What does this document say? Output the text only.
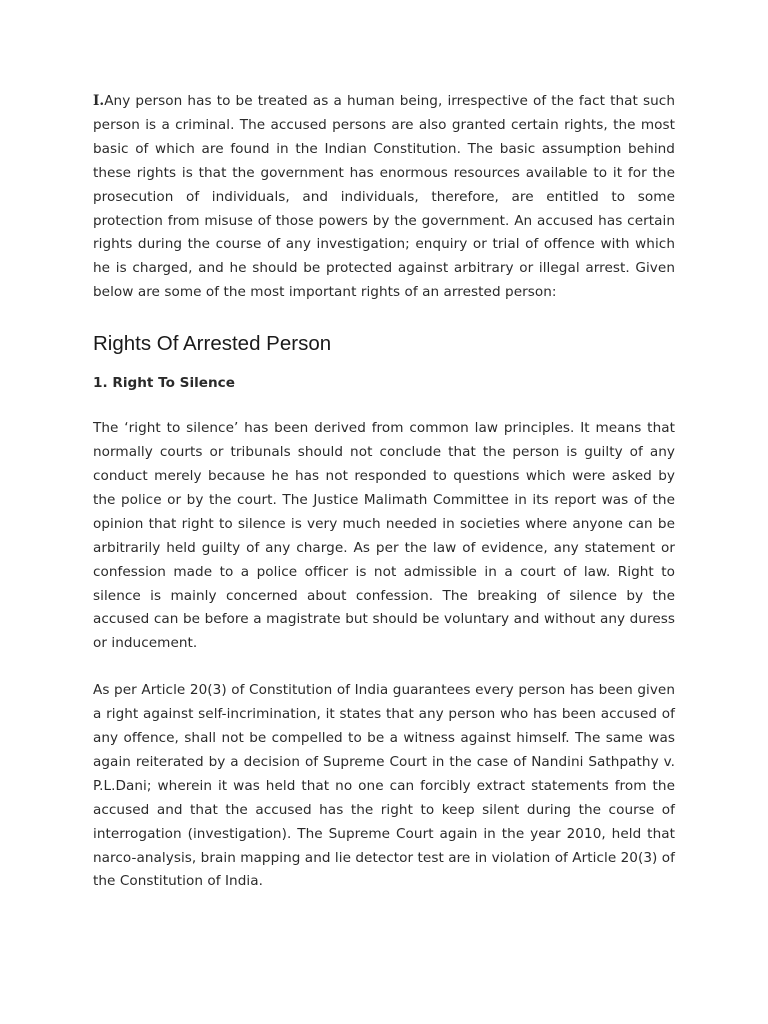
I.Any person has to be treated as a human being, irrespective of the fact that such person is a criminal. The accused persons are also granted certain rights, the most basic of which are found in the Indian Constitution. The basic assumption behind these rights is that the government has enormous resources available to it for the prosecution of individuals, and individuals, therefore, are entitled to some protection from misuse of those powers by the government. An accused has certain rights during the course of any investigation; enquiry or trial of offence with which he is charged, and he should be protected against arbitrary or illegal arrest. Given below are some of the most important rights of an arrested person:

Rights Of Arrested Person
1. Right To Silence

The ‘right to silence’ has been derived from common law principles. It means that normally courts or tribunals should not conclude that the person is guilty of any conduct merely because he has not responded to questions which were asked by the police or by the court. The Justice Malimath Committee in its report was of the opinion that right to silence is very much needed in societies where anyone can be arbitrarily held guilty of any charge. As per the law of evidence, any statement or confession made to a police officer is not admissible in a court of law. Right to silence is mainly concerned about confession. The breaking of silence by the accused can be before a magistrate but should be voluntary and without any duress or inducement.

As per Article 20(3) of Constitution of India guarantees every person has been given a right against self-incrimination, it states that any person who has been accused of any offence, shall not be compelled to be a witness against himself. The same was again reiterated by a decision of Supreme Court in the case of Nandini Sathpathy v. P.L.Dani; wherein it was held that no one can forcibly extract statements from the accused and that the accused has the right to keep silent during the course of interrogation (investigation). The Supreme Court again in the year 2010, held that narco-analysis, brain mapping and lie detector test are in violation of Article 20(3) of the Constitution of India.
